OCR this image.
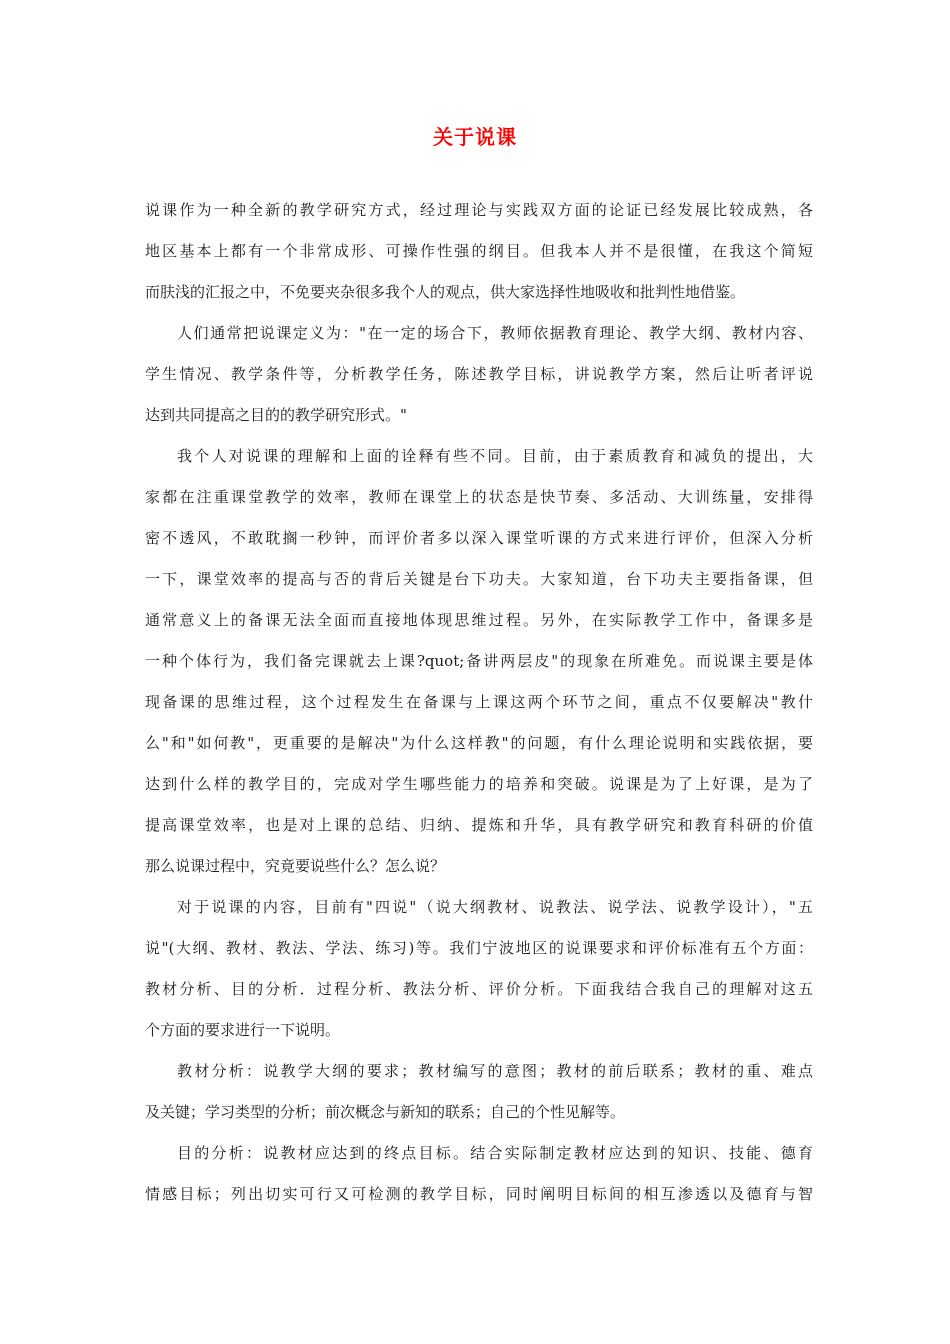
关于说课
说课作为一种全新的教学研究方式，经过理论与实践双方面的论证已经发展比较成熟，各
地区基本上都有一个非常成形、可操作性强的纲目。但我本人并不是很懂，在我这个简短
而肤浅的汇报之中，不免要夹杂很多我个人的观点，供大家选择性地吸收和批判性地借鉴。
人们通常把说课定义为："在一定的场合下，教师依据教育理论、教学大纲、教材内容、
学生情况、教学条件等，分析教学任务，陈述教学目标，讲说教学方案，然后让听者评说
达到共同提高之目的的教学研究形式。"
我个人对说课的理解和上面的诠释有些不同。目前，由于素质教育和减负的提出，大
家都在注重课堂教学的效率，教师在课堂上的状态是快节奏、多活动、大训练量，安排得
密不透风，不敢耽搁一秒钟，而评价者多以深入课堂听课的方式来进行评价，但深入分析
一下，课堂效率的提高与否的背后关键是台下功夫。大家知道，台下功夫主要指备课，但
通常意义上的备课无法全面而直接地体现思维过程。另外，在实际教学工作中，备课多是
一种个体行为，我们备完课就去上课?quot;备讲两层皮"的现象在所难免。而说课主要是体
现备课的思维过程，这个过程发生在备课与上课这两个环节之间，重点不仅要解决"教什
么"和"如何教"，更重要的是解决"为什么这样教"的问题，有什么理论说明和实践依据，要
达到什么样的教学目的，完成对学生哪些能力的培养和突破。说课是为了上好课，是为了
提高课堂效率，也是对上课的总结、归纳、提炼和升华，具有教学研究和教育科研的价值
那么说课过程中，究竟要说些什么？怎么说？
对于说课的内容，目前有"四说"（说大纲教材、说教法、说学法、说教学设计），"五
说"(大纲、教材、教法、学法、练习)等。我们宁波地区的说课要求和评价标准有五个方面：
教材分析、目的分析．过程分析、教法分析、评价分析。下面我结合我自己的理解对这五
个方面的要求进行一下说明。
教材分析：说教学大纲的要求；教材编写的意图；教材的前后联系；教材的重、难点
及关键；学习类型的分析；前次概念与新知的联系；自己的个性见解等。
目的分析：说教材应达到的终点目标。结合实际制定教材应达到的知识、技能、德育
情感目标；列出切实可行又可检测的教学目标，同时阐明目标间的相互渗透以及德育与智
